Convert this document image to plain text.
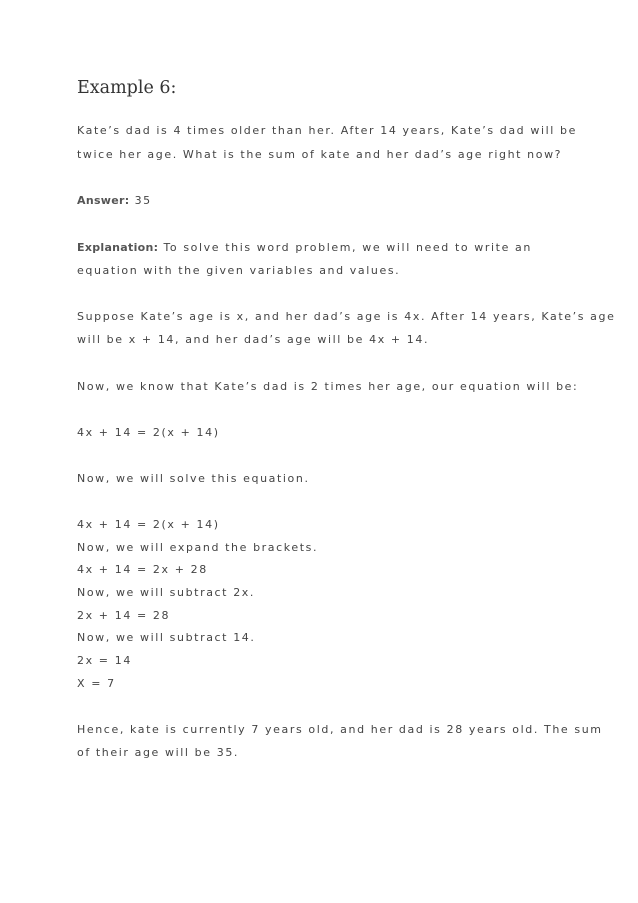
Example 6:

Kate’s dad is 4 times older than her. After 14 years, Kate’s dad will be

twice her age. What is the sum of kate and her dad’s age right now?

Answer: 35

Explanation: To solve this word problem, we will need to write an

equation with the given variables and values.

Suppose Kate’s age is x, and her dad’s age is 4x. After 14 years, Kate’s age

will be x + 14, and her dad’s age will be 4x + 14.

Now, we know that Kate’s dad is 2 times her age, our equation will be:

4x + 14 = 2(x + 14)

Now, we will solve this equation.

4x + 14 = 2(x + 14)

Now, we will expand the brackets.

4x + 14 = 2x + 28

Now, we will subtract 2x.

2x + 14 = 28

Now, we will subtract 14.

2x = 14

X = 7

Hence, kate is currently 7 years old, and her dad is 28 years old. The sum

of their age will be 35.
